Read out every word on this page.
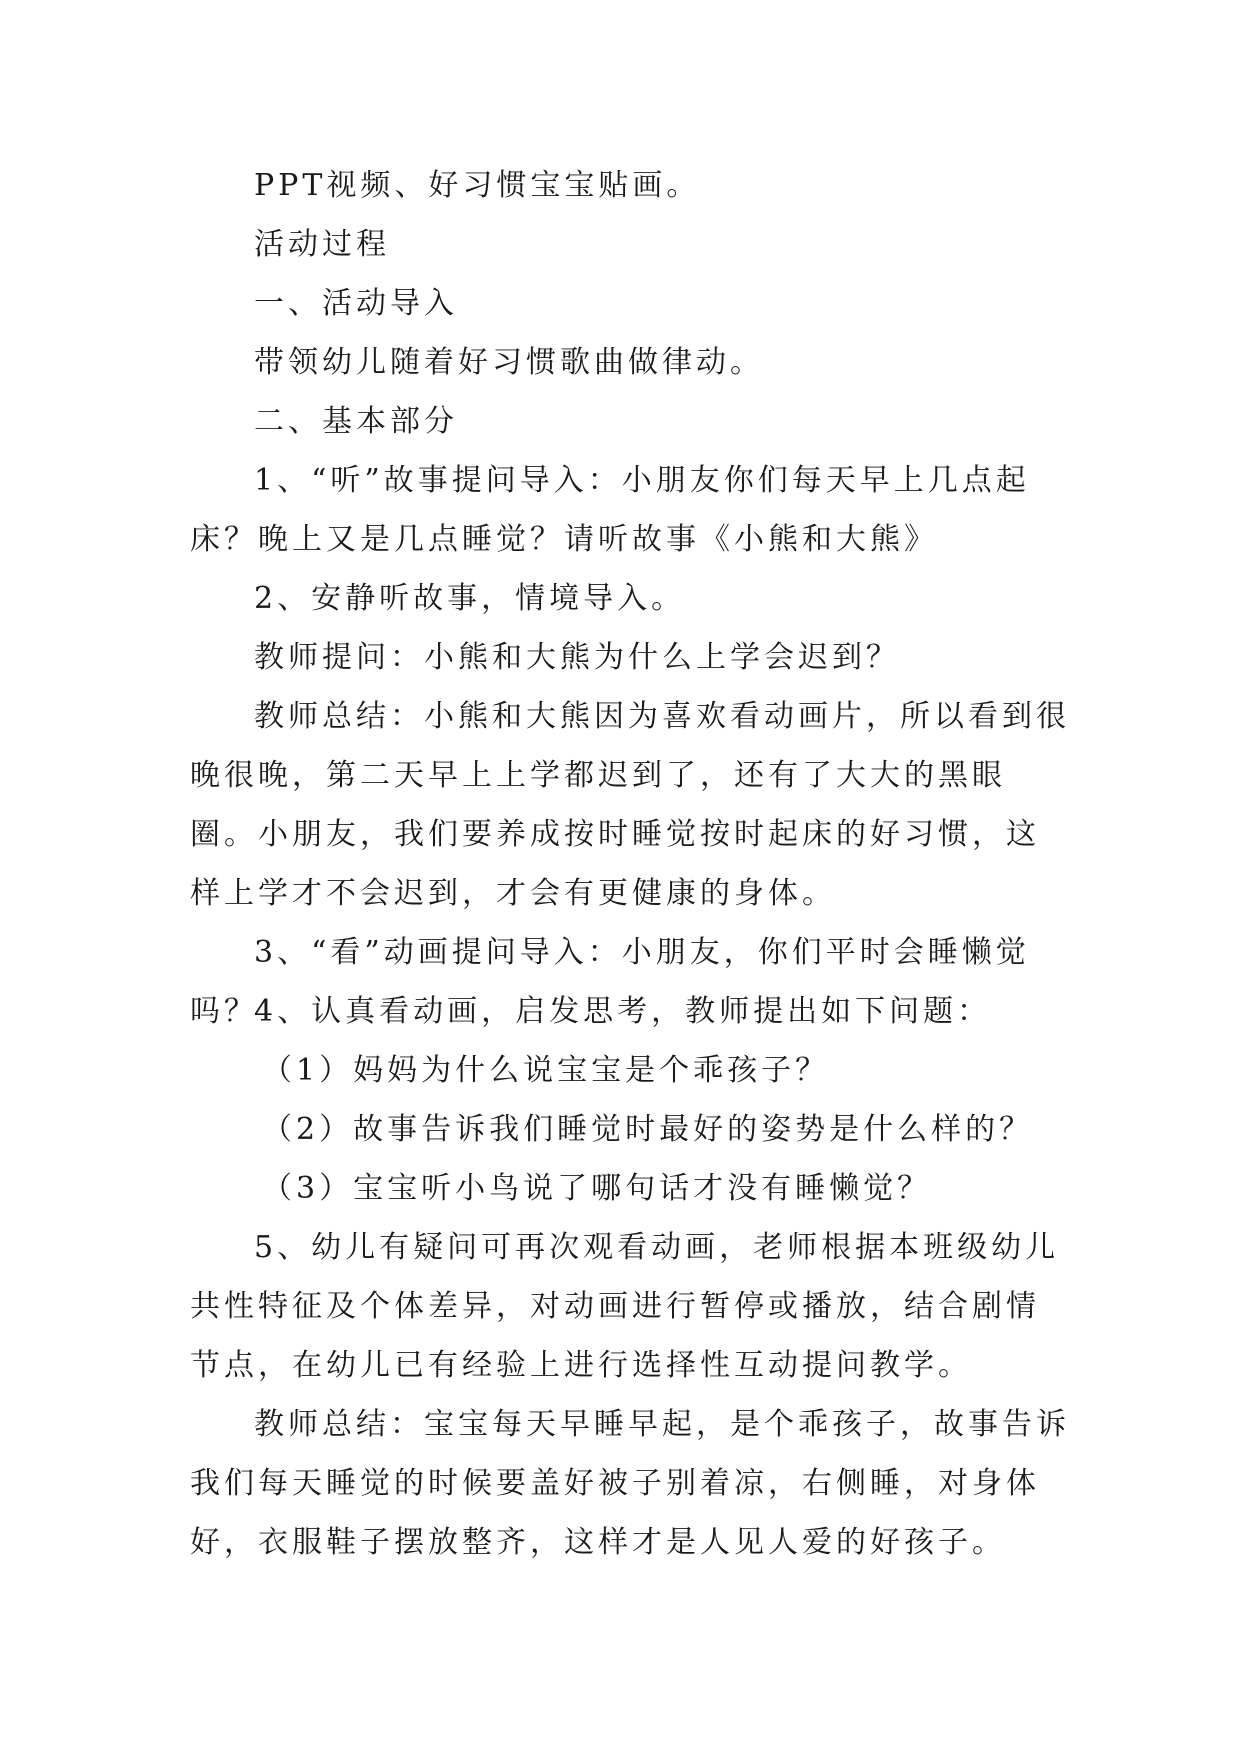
PPT视频、好习惯宝宝贴画。

活动过程

一、活动导入

带领幼儿随着好习惯歌曲做律动。

二、基本部分

1、“听”故事提问导入：小朋友你们每天早上几点起床？晚上又是几点睡觉？请听故事《小熊和大熊》

2、安静听故事，情境导入。

教师提问：小熊和大熊为什么上学会迟到？

教师总结：小熊和大熊因为喜欢看动画片，所以看到很晚很晚，第二天早上上学都迟到了，还有了大大的黑眼圈。小朋友，我们要养成按时睡觉按时起床的好习惯，这样上学才不会迟到，才会有更健康的身体。

3、“看”动画提问导入：小朋友，你们平时会睡懒觉吗？

4、认真看动画，启发思考，教师提出如下问题：

（1）妈妈为什么说宝宝是个乖孩子？

（2）故事告诉我们睡觉时最好的姿势是什么样的？

（3）宝宝听小鸟说了哪句话才没有睡懒觉？

5、幼儿有疑问可再次观看动画，老师根据本班级幼儿共性特征及个体差异，对动画进行暂停或播放，结合剧情节点，在幼儿已有经验上进行选择性互动提问教学。

教师总结：宝宝每天早睡早起，是个乖孩子，故事告诉我们每天睡觉的时候要盖好被子别着凉，右侧睡，对身体好，衣服鞋子摆放整齐，这样才是人见人爱的好孩子。
